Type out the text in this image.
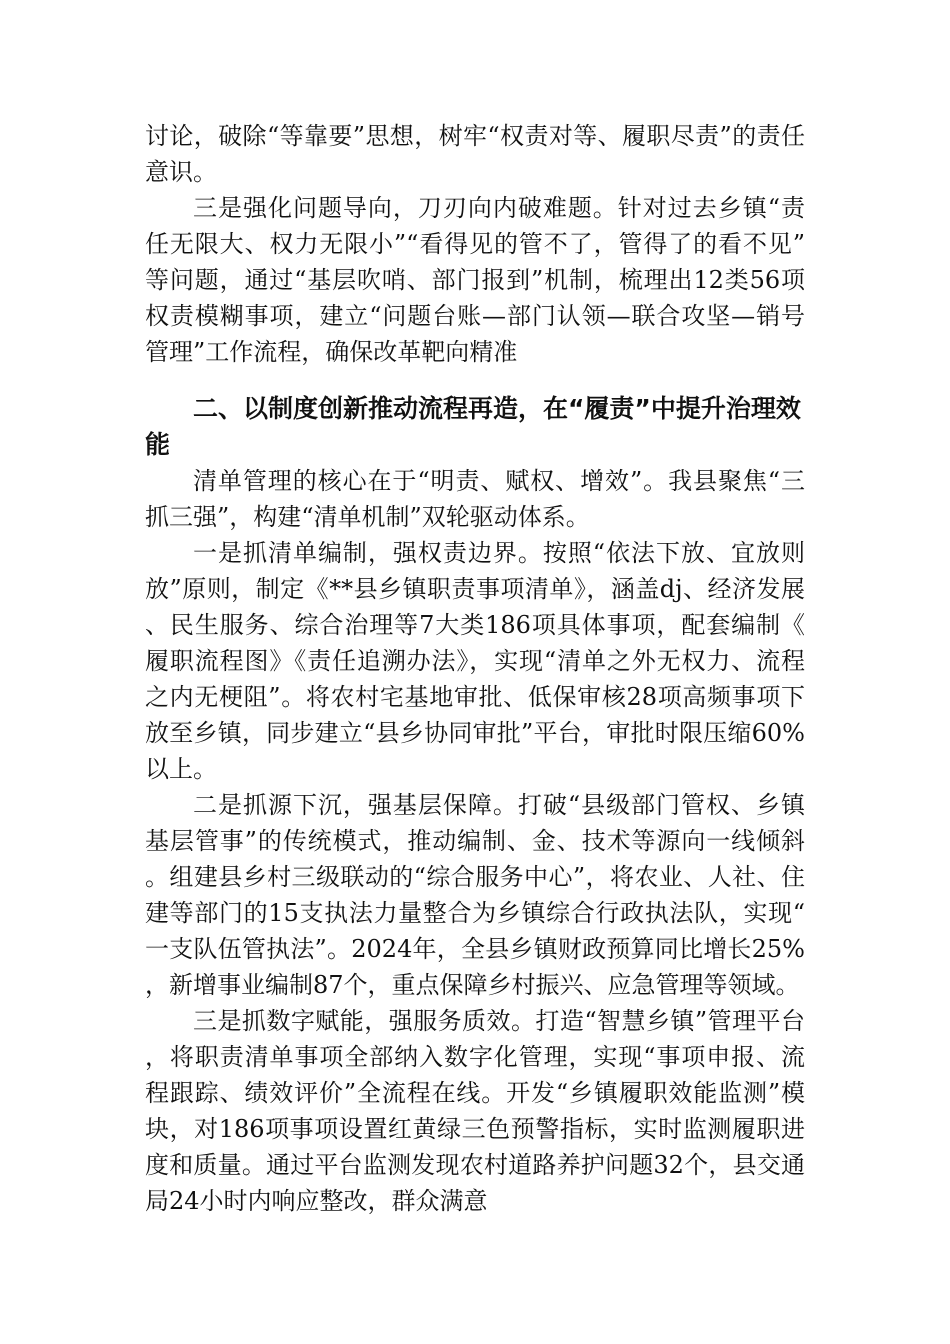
讨论，破除“等靠要”思想，树牢“权责对等、履职尽责”的责任意识。

三是强化问题导向，刀刃向内破难题。针对过去乡镇“责任无限大、权力无限小”“看得见的管不了，管得了的看不见”等问题，通过“基层吹哨、部门报到”机制，梳理出12类56项权责模糊事项，建立“问题台账—部门认领—联合攻坚—销号管理”工作流程，确保改革靶向精准

二、以制度创新推动流程再造，在“履责”中提升治理效能

清单管理的核心在于“明责、赋权、增效”。我县聚焦“三抓三强”，构建“清单机制”双轮驱动体系。

一是抓清单编制，强权责边界。按照“依法下放、宜放则放”原则，制定《**县乡镇职责事项清单》，涵盖dj、经济发展、民生服务、综合治理等7大类186项具体事项，配套编制《履职流程图》《责任追溯办法》，实现“清单之外无权力、流程之内无梗阻”。将农村宅基地审批、低保审核28项高频事项下放至乡镇，同步建立“县乡协同审批”平台，审批时限压缩60%以上。

二是抓源下沉，强基层保障。打破“县级部门管权、乡镇基层管事”的传统模式，推动编制、金、技术等源向一线倾斜。组建县乡村三级联动的“综合服务中心”，将农业、人社、住建等部门的15支执法力量整合为乡镇综合行政执法队，实现“一支队伍管执法”。2024年，全县乡镇财政预算同比增长25%，新增事业编制87个，重点保障乡村振兴、应急管理等领域。

三是抓数字赋能，强服务质效。打造“智慧乡镇”管理平台，将职责清单事项全部纳入数字化管理，实现“事项申报、流程跟踪、绩效评价”全流程在线。开发“乡镇履职效能监测”模块，对186项事项设置红黄绿三色预警指标，实时监测履职进度和质量。通过平台监测发现农村道路养护问题32个，县交通局24小时内响应整改，群众满意
